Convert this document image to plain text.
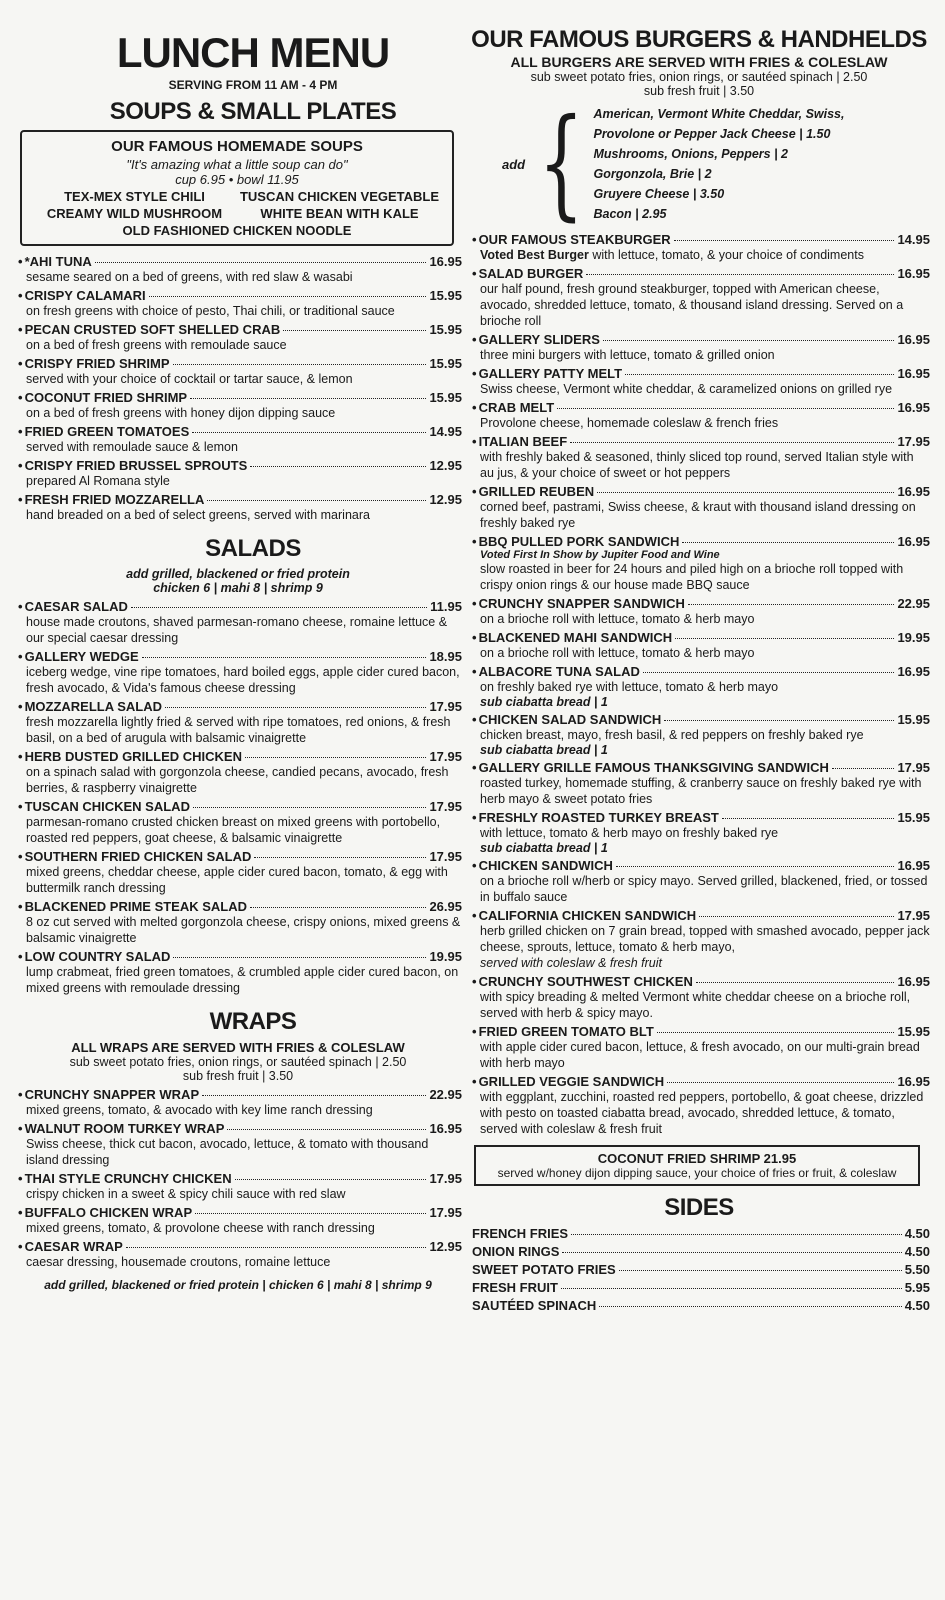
LUNCH MENU
SERVING FROM 11 AM - 4 PM
SOUPS & SMALL PLATES
OUR FAMOUS HOMEMADE SOUPS
"It's amazing what a little soup can do"
cup 6.95 • bowl 11.95
TEX-MEX STYLE CHILI	TUSCAN CHICKEN VEGETABLE
CREAMY WILD MUSHROOM	WHITE BEAN WITH KALE
OLD FASHIONED CHICKEN NOODLE
• *AHI TUNA	16.95
sesame seared on a bed of greens, with red slaw & wasabi
• CRISPY CALAMARI	15.95
on fresh greens with choice of pesto, Thai chili, or traditional sauce
• PECAN CRUSTED SOFT SHELLED CRAB	15.95
on a bed of fresh greens with remoulade sauce
• CRISPY FRIED SHRIMP	15.95
served with your choice of cocktail or tartar sauce, & lemon
• COCONUT FRIED SHRIMP	15.95
on a bed of fresh greens with honey dijon dipping sauce
• FRIED GREEN TOMATOES	14.95
served with remoulade sauce & lemon
• CRISPY FRIED BRUSSEL SPROUTS	12.95
prepared Al Romana style
• FRESH FRIED MOZZARELLA	12.95
hand breaded on a bed of select greens, served with marinara
SALADS
add grilled, blackened or fried protein
chicken 6 | mahi 8 | shrimp 9
• CAESAR SALAD	11.95
house made croutons, shaved parmesan-romano cheese, romaine lettuce & our special caesar dressing
• GALLERY WEDGE	18.95
iceberg wedge, vine ripe tomatoes, hard boiled eggs, apple cider cured bacon, fresh avocado, & Vida's famous cheese dressing
• MOZZARELLA SALAD	17.95
fresh mozzarella lightly fried & served with ripe tomatoes, red onions, & fresh basil, on a bed of arugula with balsamic vinaigrette
• HERB DUSTED GRILLED CHICKEN	17.95
on a spinach salad with gorgonzola cheese, candied pecans, avocado, fresh berries, & raspberry vinaigrette
• TUSCAN CHICKEN SALAD	17.95
parmesan-romano crusted chicken breast on mixed greens with portobello, roasted red peppers, goat cheese, & balsamic vinaigrette
• SOUTHERN FRIED CHICKEN SALAD	17.95
mixed greens, cheddar cheese, apple cider cured bacon, tomato, & egg with buttermilk ranch dressing
• BLACKENED PRIME STEAK SALAD	26.95
8 oz cut served with melted gorgonzola cheese, crispy onions, mixed greens & balsamic vinaigrette
• LOW COUNTRY SALAD	19.95
lump crabmeat, fried green tomatoes, & crumbled apple cider cured bacon, on mixed greens with remoulade dressing
WRAPS
ALL WRAPS ARE SERVED WITH FRIES & COLESLAW
sub sweet potato fries, onion rings, or sautéed spinach | 2.50
sub fresh fruit | 3.50
• CRUNCHY SNAPPER WRAP	22.95
mixed greens, tomato, & avocado with key lime ranch dressing
• WALNUT ROOM TURKEY WRAP	16.95
Swiss cheese, thick cut bacon, avocado, lettuce, & tomato with thousand island dressing
• THAI STYLE CRUNCHY CHICKEN	17.95
crispy chicken in a sweet & spicy chili sauce with red slaw
• BUFFALO CHICKEN WRAP	17.95
mixed greens, tomato, & provolone cheese with ranch dressing
• CAESAR WRAP	12.95
caesar dressing, housemade croutons, romaine lettuce
add grilled, blackened or fried protein | chicken 6 | mahi 8 | shrimp 9
OUR FAMOUS BURGERS & HANDHELDS
ALL BURGERS ARE SERVED WITH FRIES & COLESLAW
sub sweet potato fries, onion rings, or sautéed spinach | 2.50
sub fresh fruit | 3.50
add { American, Vermont White Cheddar, Swiss,
Provolone or Pepper Jack Cheese | 1.50
Mushrooms, Onions, Peppers | 2
Gorgonzola, Brie | 2
Gruyere Cheese | 3.50
Bacon | 2.95
• OUR FAMOUS STEAKBURGER	14.95
Voted Best Burger with lettuce, tomato, & your choice of condiments
• SALAD BURGER	16.95
our half pound, fresh ground steakburger, topped with American cheese, avocado, shredded lettuce, tomato, & thousand island dressing. Served on a brioche roll
• GALLERY SLIDERS	16.95
three mini burgers with lettuce, tomato & grilled onion
• GALLERY PATTY MELT	16.95
Swiss cheese, Vermont white cheddar, & caramelized onions on grilled rye
• CRAB MELT	16.95
Provolone cheese, homemade coleslaw & french fries
• ITALIAN BEEF	17.95
with freshly baked & seasoned, thinly sliced top round, served Italian style with au jus, & your choice of sweet or hot peppers
• GRILLED REUBEN	16.95
corned beef, pastrami, Swiss cheese, & kraut with thousand island dressing on freshly baked rye
• BBQ PULLED PORK SANDWICH	16.95
Voted First In Show by Jupiter Food and Wine
slow roasted in beer for 24 hours and piled high on a brioche roll topped with crispy onion rings & our house made BBQ sauce
• CRUNCHY SNAPPER SANDWICH	22.95
on a brioche roll with lettuce, tomato & herb mayo
• BLACKENED MAHI SANDWICH	19.95
on a brioche roll with lettuce, tomato & herb mayo
• ALBACORE TUNA SALAD	16.95
on freshly baked rye with lettuce, tomato & herb mayo
sub ciabatta bread | 1
• CHICKEN SALAD SANDWICH	15.95
chicken breast, mayo, fresh basil, & red peppers on freshly baked rye
sub ciabatta bread | 1
• GALLERY GRILLE FAMOUS THANKSGIVING SANDWICH	17.95
roasted turkey, homemade stuffing, & cranberry sauce on freshly baked rye with herb mayo & sweet potato fries
• FRESHLY ROASTED TURKEY BREAST	15.95
with lettuce, tomato & herb mayo on freshly baked rye
sub ciabatta bread | 1
• CHICKEN SANDWICH	16.95
on a brioche roll w/herb or spicy mayo. Served grilled, blackened, fried, or tossed in buffalo sauce
• CALIFORNIA CHICKEN SANDWICH	17.95
herb grilled chicken on 7 grain bread, topped with smashed avocado, pepper jack cheese, sprouts, lettuce, tomato & herb mayo,
served with coleslaw & fresh fruit
• CRUNCHY SOUTHWEST CHICKEN	16.95
with spicy breading & melted Vermont white cheddar cheese on a brioche roll, served with herb & spicy mayo.
• FRIED GREEN TOMATO BLT	15.95
with apple cider cured bacon, lettuce, & fresh avocado, on our multi-grain bread with herb mayo
• GRILLED VEGGIE SANDWICH	16.95
with eggplant, zucchini, roasted red peppers, portobello, & goat cheese, drizzled with pesto on toasted ciabatta bread, avocado, shredded lettuce, & tomato, served with coleslaw & fresh fruit
COCONUT FRIED SHRIMP 21.95
served w/honey dijon dipping sauce, your choice of fries or fruit, & coleslaw
SIDES
FRENCH FRIES	4.50
ONION RINGS	4.50
SWEET POTATO FRIES	5.50
FRESH FRUIT	5.95
SAUTÉED SPINACH	4.50
